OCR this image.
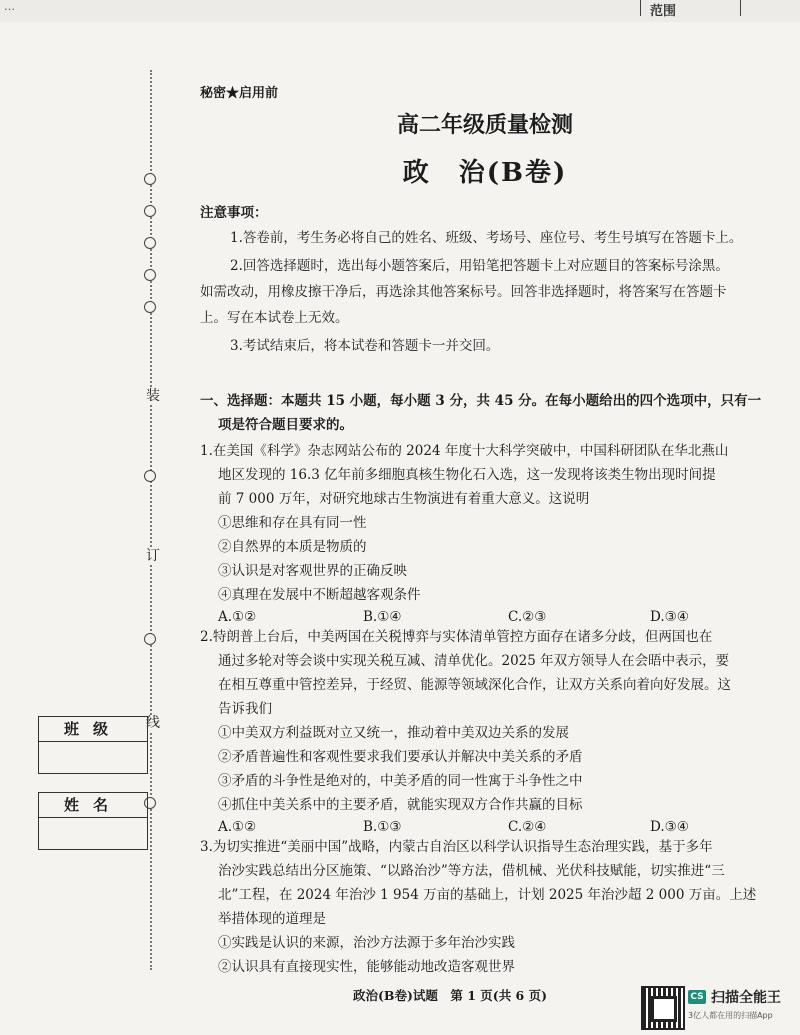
…	范围
装
订
线
班级
姓名
秘密★启用前
高二年级质量检测
政　治(B卷)
注意事项：
1.答卷前，考生务必将自己的姓名、班级、考场号、座位号、考生号填写在答题卡上。
2.回答选择题时，选出每小题答案后，用铅笔把答题卡上对应题目的答案标号涂黑。
如需改动，用橡皮擦干净后，再选涂其他答案标号。回答非选择题时，将答案写在答题卡
上。写在本试卷上无效。
3.考试结束后，将本试卷和答题卡一并交回。
一、选择题：本题共 15 小题，每小题 3 分，共 45 分。在每小题给出的四个选项中，只有一
项是符合题目要求的。
1.在美国《科学》杂志网站公布的 2024 年度十大科学突破中，中国科研团队在华北燕山
地区发现的 16.3 亿年前多细胞真核生物化石入选，这一发现将该类生物出现时间提
前 7 000 万年，对研究地球古生物演进有着重大意义。这说明
①思维和存在具有同一性
②自然界的本质是物质的
③认识是对客观世界的正确反映
④真理在发展中不断超越客观条件
A.①②	B.①④	C.②③	D.③④
2.特朗普上台后，中美两国在关税博弈与实体清单管控方面存在诸多分歧，但两国也在
通过多轮对等会谈中实现关税互减、清单优化。2025 年双方领导人在会晤中表示，要
在相互尊重中管控差异，于经贸、能源等领域深化合作，让双方关系向着向好发展。这
告诉我们
①中美双方利益既对立又统一，推动着中美双边关系的发展
②矛盾普遍性和客观性要求我们要承认并解决中美关系的矛盾
③矛盾的斗争性是绝对的，中美矛盾的同一性寓于斗争性之中
④抓住中美关系中的主要矛盾，就能实现双方合作共赢的目标
A.①②	B.①③	C.②④	D.③④
3.为切实推进“美丽中国”战略，内蒙古自治区以科学认识指导生态治理实践，基于多年
治沙实践总结出分区施策、“以路治沙”等方法，借机械、光伏科技赋能，切实推进“三
北”工程，在 2024 年治沙 1 954 万亩的基础上，计划 2025 年治沙超 2 000 万亩。上述
举措体现的道理是
①实践是认识的来源，治沙方法源于多年治沙实践
②认识具有直接现实性，能够能动地改造客观世界
政治(B卷)试题　第 1 页(共 6 页)	CS 扫描全能王
3亿人都在用的扫描App
